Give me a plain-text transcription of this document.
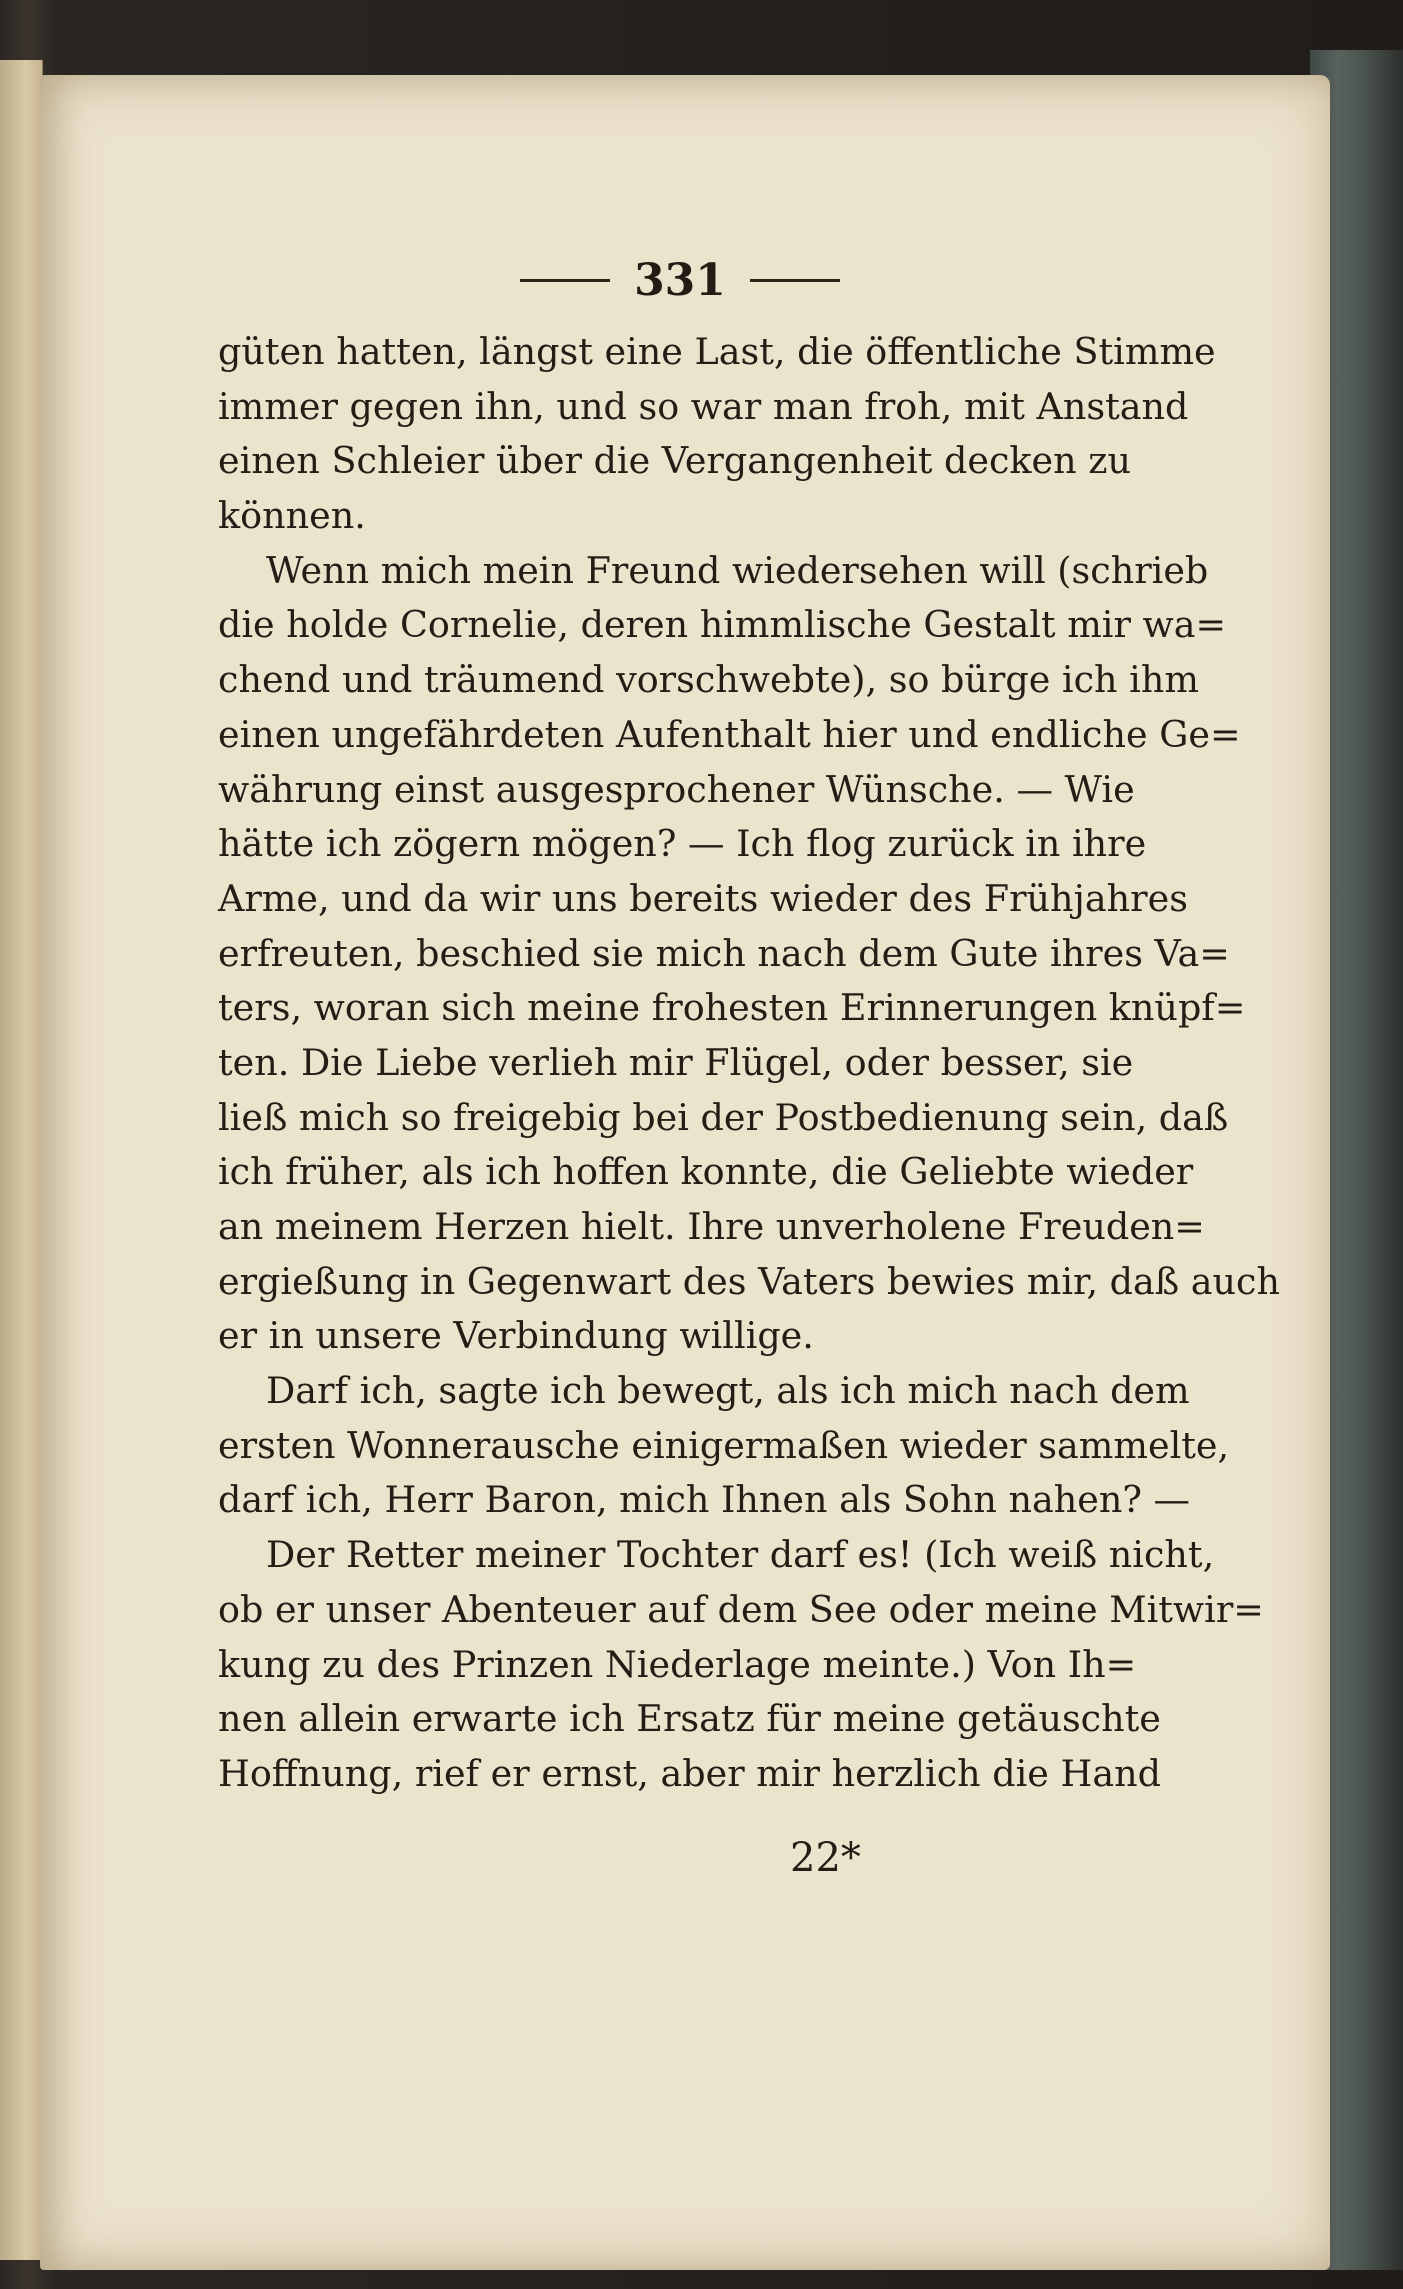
331
güten hatten, längst eine Last, die öffentliche Stimme
immer gegen ihn, und so war man froh, mit Anstand
einen Schleier über die Vergangenheit decken zu
können.
Wenn mich mein Freund wiedersehen will (schrieb
die holde Cornelie, deren himmlische Gestalt mir wa=
chend und träumend vorschwebte), so bürge ich ihm
einen ungefährdeten Aufenthalt hier und endliche Ge=
währung einst ausgesprochener Wünsche. — Wie
hätte ich zögern mögen? — Ich flog zurück in ihre
Arme, und da wir uns bereits wieder des Frühjahres
erfreuten, beschied sie mich nach dem Gute ihres Va=
ters, woran sich meine frohesten Erinnerungen knüpf=
ten. Die Liebe verlieh mir Flügel, oder besser, sie
ließ mich so freigebig bei der Postbedienung sein, daß
ich früher, als ich hoffen konnte, die Geliebte wieder
an meinem Herzen hielt. Ihre unverholene Freuden=
ergießung in Gegenwart des Vaters bewies mir, daß auch
er in unsere Verbindung willige.
Darf ich, sagte ich bewegt, als ich mich nach dem
ersten Wonnerausche einigermaßen wieder sammelte,
darf ich, Herr Baron, mich Ihnen als Sohn nahen? —
Der Retter meiner Tochter darf es! (Ich weiß nicht,
ob er unser Abenteuer auf dem See oder meine Mitwir=
kung zu des Prinzen Niederlage meinte.) Von Ih=
nen allein erwarte ich Ersatz für meine getäuschte
Hoffnung, rief er ernst, aber mir herzlich die Hand
22*
